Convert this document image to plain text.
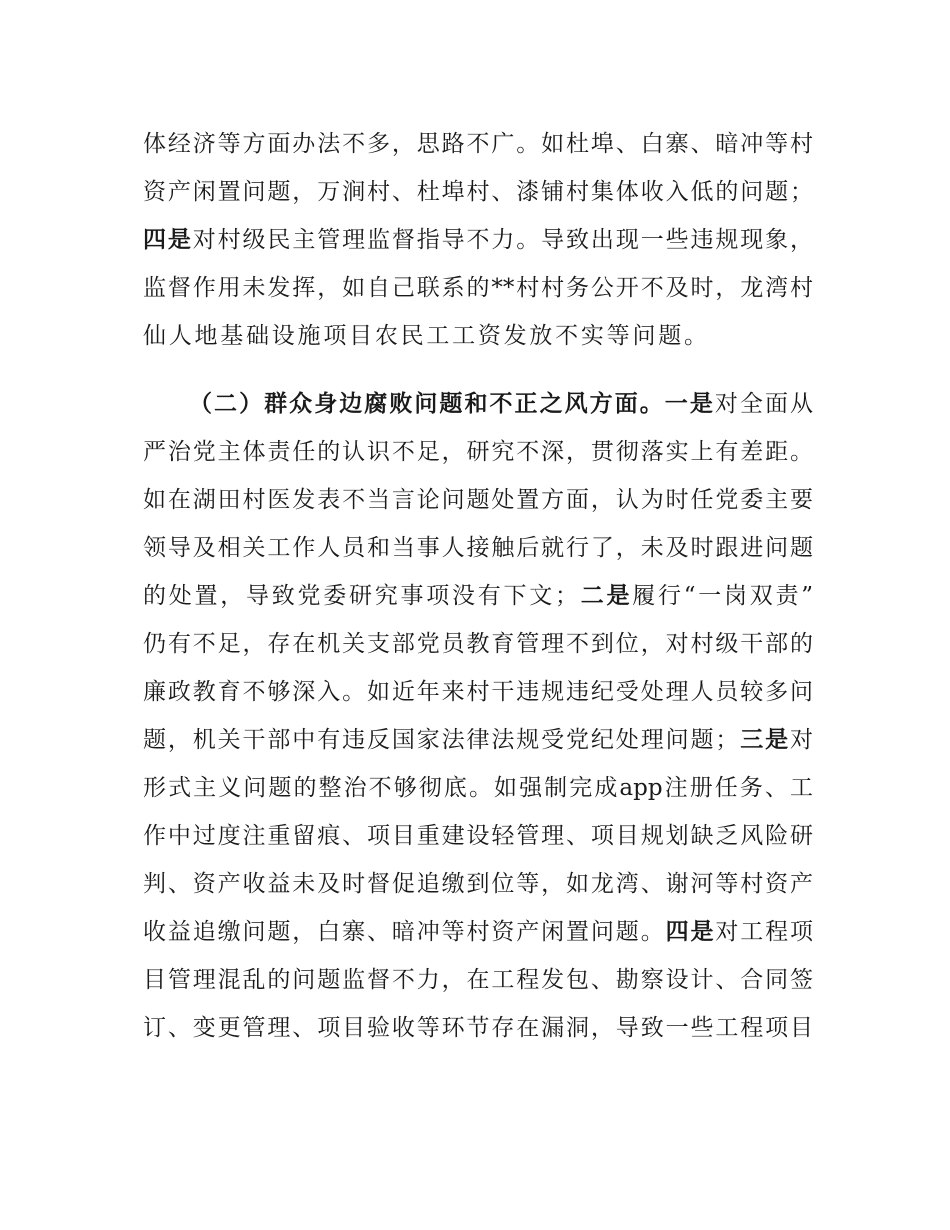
体经济等方面办法不多，思路不广。如杜埠、白寨、暗冲等村
资产闲置问题，万涧村、杜埠村、漆铺村集体收入低的问题；
四是对村级民主管理监督指导不力。导致出现一些违规现象，
监督作用未发挥，如自己联系的**村村务公开不及时，龙湾村
仙人地基础设施项目农民工工资发放不实等问题。
（二）群众身边腐败问题和不正之风方面。一是对全面从
严治党主体责任的认识不足，研究不深，贯彻落实上有差距。
如在湖田村医发表不当言论问题处置方面，认为时任党委主要
领导及相关工作人员和当事人接触后就行了，未及时跟进问题
的处置，导致党委研究事项没有下文；二是履行“一岗双责”
仍有不足，存在机关支部党员教育管理不到位，对村级干部的
廉政教育不够深入。如近年来村干违规违纪受处理人员较多问
题，机关干部中有违反国家法律法规受党纪处理问题；三是对
形式主义问题的整治不够彻底。如强制完成app注册任务、工
作中过度注重留痕、项目重建设轻管理、项目规划缺乏风险研
判、资产收益未及时督促追缴到位等，如龙湾、谢河等村资产
收益追缴问题，白寨、暗冲等村资产闲置问题。四是对工程项
目管理混乱的问题监督不力，在工程发包、勘察设计、合同签
订、变更管理、项目验收等环节存在漏洞，导致一些工程项目
